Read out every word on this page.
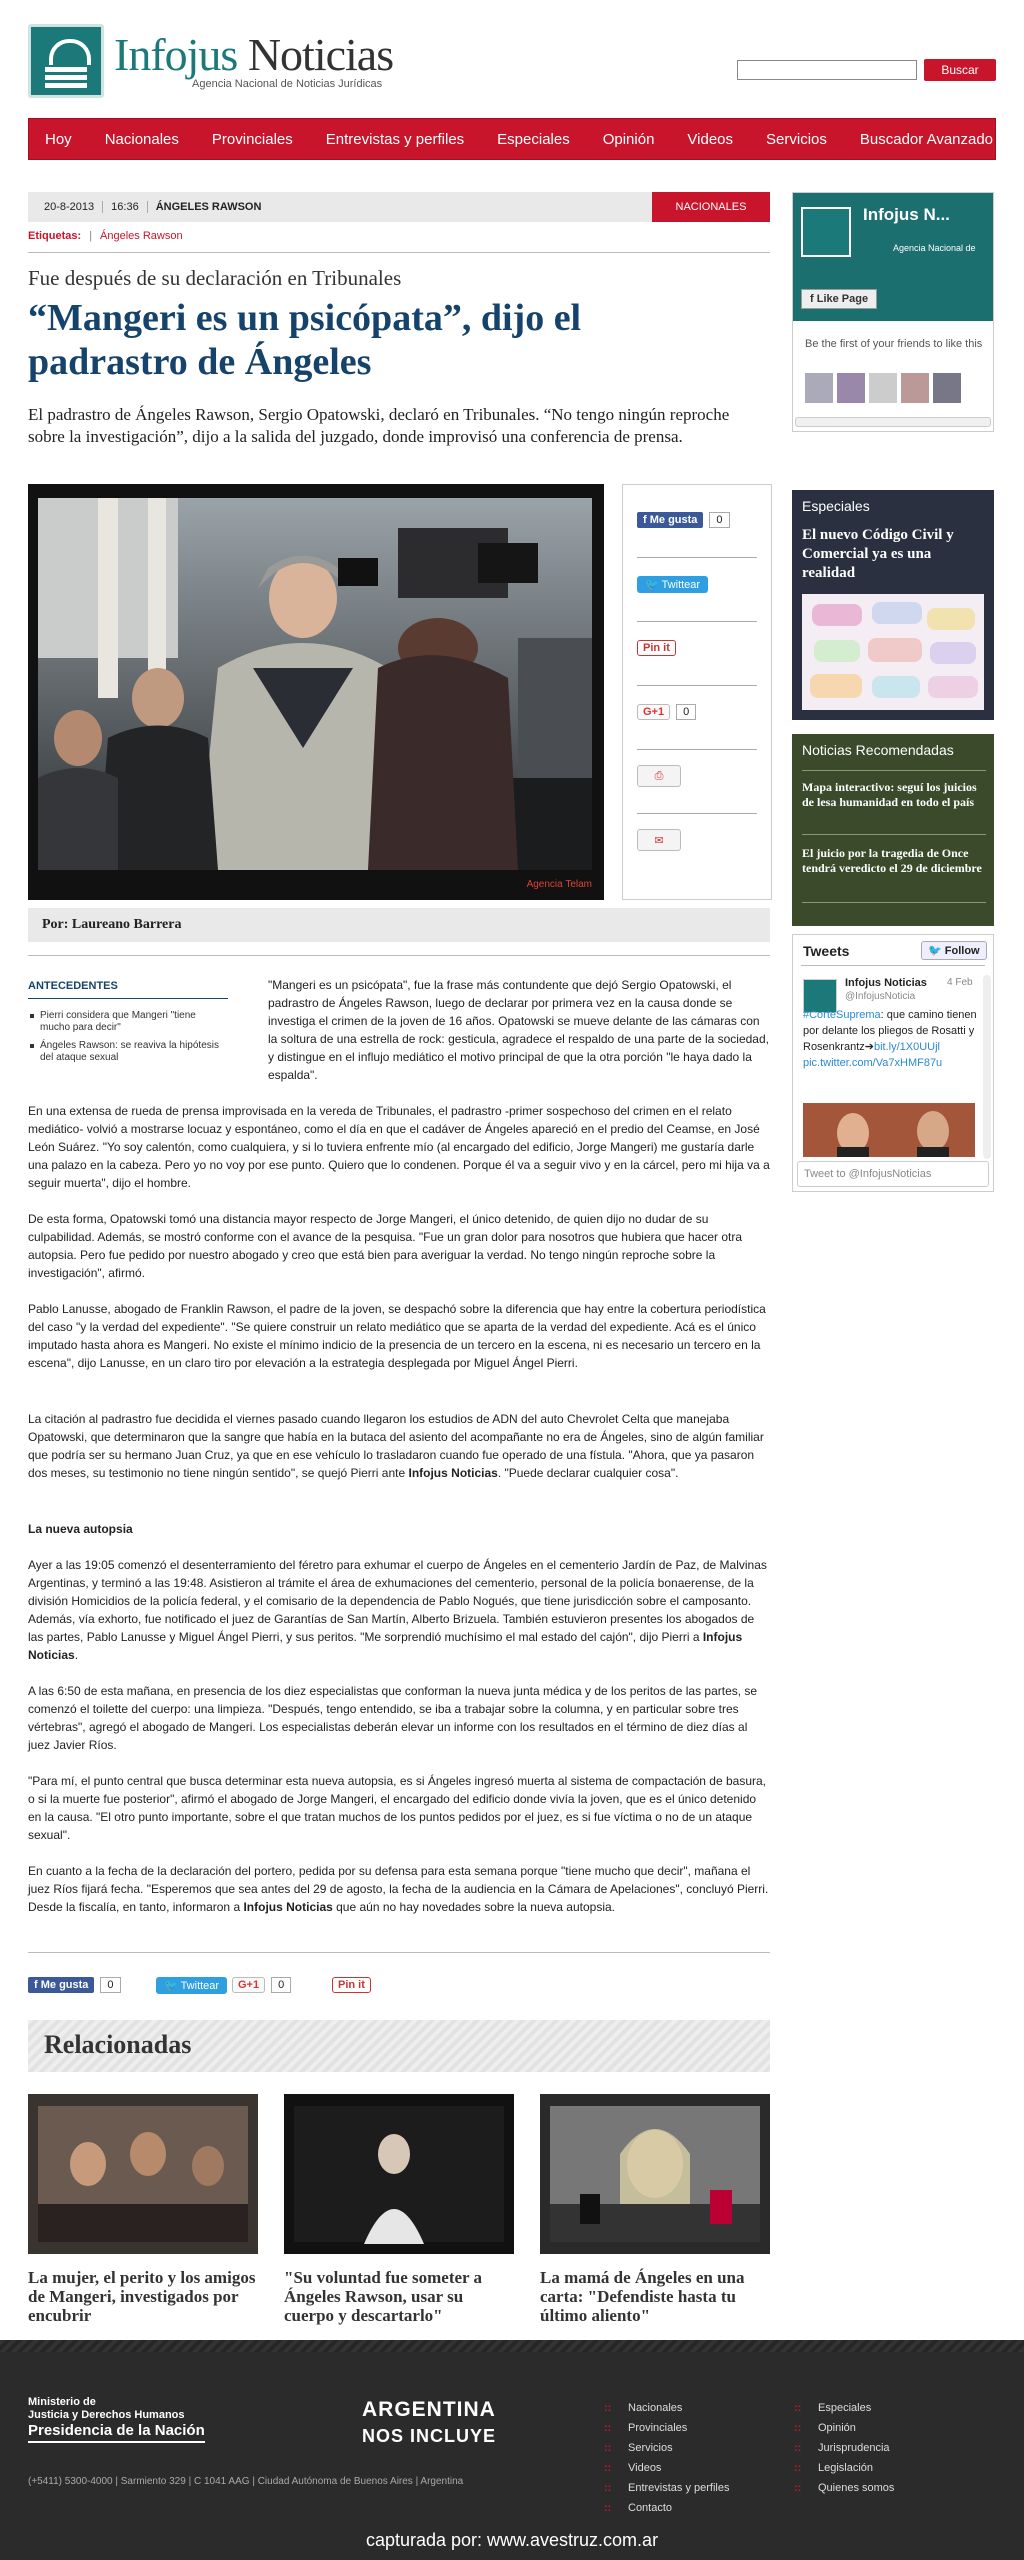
Infojus Noticias
Agencia Nacional de Noticias Jurídicas
Buscar
Hoy Nacionales Provinciales Entrevistas y perfiles Especiales Opinión Videos Servicios Buscador Avanzado
20-8-2013	16:36	ÁNGELES RAWSON	NACIONALES
Etiquetas: | Ángeles Rawson
Fue después de su declaración en Tribunales
“Mangeri es un psicópata”, dijo el padrastro de Ángeles

El padrastro de Ángeles Rawson, Sergio Opatowski, declaró en Tribunales. “No tengo ningún reproche sobre la investigación”, dijo a la salida del juzgado, donde improvisó una conferencia de prensa.

Agencia Telam
f Me gusta	0
🐦 Twittear
Pin it
G+1	0
⎙
✉
Por: Laureano Barrera
ANTECEDENTES
Pierri considera que Mangeri "tiene mucho para decir"
Ángeles Rawson: se reaviva la hipótesis del ataque sexual

"Mangeri es un psicópata", fue la frase más contundente que dejó Sergio Opatowski, el padrastro de Ángeles Rawson, luego de declarar por primera vez en la causa donde se investiga el crimen de la joven de 16 años. Opatowski se mueve delante de las cámaras con la soltura de una estrella de rock: gesticula, agradece el respaldo de una parte de la sociedad, y distingue en el influjo mediático el motivo principal de que la otra porción "le haya dado la espalda".

En una extensa de rueda de prensa improvisada en la vereda de Tribunales, el padrastro -primer sospechoso del crimen en el relato mediático- volvió a mostrarse locuaz y espontáneo, como el día en que el cadáver de Ángeles apareció en el predio del Ceamse, en José León Suárez. "Yo soy calentón, como cualquiera, y si lo tuviera enfrente mío (al encargado del edificio, Jorge Mangeri) me gustaría darle una palazo en la cabeza. Pero yo no voy por ese punto. Quiero que lo condenen. Porque él va a seguir vivo y en la cárcel, pero mi hija va a seguir muerta", dijo el hombre.

De esta forma, Opatowski tomó una distancia mayor respecto de Jorge Mangeri, el único detenido, de quien dijo no dudar de su culpabilidad. Además, se mostró conforme con el avance de la pesquisa. "Fue un gran dolor para nosotros que hubiera que hacer otra autopsia. Pero fue pedido por nuestro abogado y creo que está bien para averiguar la verdad. No tengo ningún reproche sobre la investigación", afirmó.

Pablo Lanusse, abogado de Franklin Rawson, el padre de la joven, se despachó sobre la diferencia que hay entre la cobertura periodística del caso "y la verdad del expediente". "Se quiere construir un relato mediático que se aparta de la verdad del expediente. Acá es el único imputado hasta ahora es Mangeri. No existe el mínimo indicio de la presencia de un tercero en la escena, ni es necesario un tercero en la escena", dijo Lanusse, en un claro tiro por elevación a la estrategia desplegada por Miguel Ángel Pierri.

La citación al padrastro fue decidida el viernes pasado cuando llegaron los estudios de ADN del auto Chevrolet Celta que manejaba Opatowski, que determinaron que la sangre que había en la butaca del asiento del acompañante no era de Ángeles, sino de algún familiar que podría ser su hermano Juan Cruz, ya que en ese vehículo lo trasladaron cuando fue operado de una fístula. "Ahora, que ya pasaron dos meses, su testimonio no tiene ningún sentido", se quejó Pierri ante Infojus Noticias. "Puede declarar cualquier cosa".

La nueva autopsia

Ayer a las 19:05 comenzó el desenterramiento del féretro para exhumar el cuerpo de Ángeles en el cementerio Jardín de Paz, de Malvinas Argentinas, y terminó a las 19:48. Asistieron al trámite el área de exhumaciones del cementerio, personal de la policía bonaerense, de la división Homicidios de la policía federal, y el comisario de la dependencia de Pablo Nogués, que tiene jurisdicción sobre el camposanto. Además, vía exhorto, fue notificado el juez de Garantías de San Martín, Alberto Brizuela. También estuvieron presentes los abogados de las partes, Pablo Lanusse y Miguel Ángel Pierri, y sus peritos. "Me sorprendió muchísimo el mal estado del cajón", dijo Pierri a Infojus Noticias.

A las 6:50 de esta mañana, en presencia de los diez especialistas que conforman la nueva junta médica y de los peritos de las partes, se comenzó el toilette del cuerpo: una limpieza. "Después, tengo entendido, se iba a trabajar sobre la columna, y en particular sobre tres vértebras", agregó el abogado de Mangeri. Los especialistas deberán elevar un informe con los resultados en el término de diez días al juez Javier Ríos.

"Para mí, el punto central que busca determinar esta nueva autopsia, es si Ángeles ingresó muerta al sistema de compactación de basura, o si la muerte fue posterior", afirmó el abogado de Jorge Mangeri, el encargado del edificio donde vivía la joven, que es el único detenido en la causa. "El otro punto importante, sobre el que tratan muchos de los puntos pedidos por el juez, es si fue víctima o no de un ataque sexual".

En cuanto a la fecha de la declaración del portero, pedida por su defensa para esta semana porque "tiene mucho que decir", mañana el juez Ríos fijará fecha. "Esperemos que sea antes del 29 de agosto, la fecha de la audiencia en la Cámara de Apelaciones", concluyó Pierri. Desde la fiscalía, en tanto, informaron a Infojus Noticias que aún no hay novedades sobre la nueva autopsia.

f Me gusta	0	🐦 Twittear	G+1	0	Pin it
Relacionadas
La mujer, el perito y los amigos de Mangeri, investigados por encubrir
"Su voluntad fue someter a Ángeles Rawson, usar su cuerpo y descartarlo"
La mamá de Ángeles en una carta: "Defendiste hasta tu último aliento"
Infojus N...
Agencia Nacional de
f Like Page
Be the first of your friends to like this
Especiales
El nuevo Código Civil y Comercial ya es una realidad
Noticias Recomendadas
Mapa interactivo: seguí los juicios de lesa humanidad en todo el país
El juicio por la tragedia de Once tendrá veredicto el 29 de diciembre
Tweets	🐦 Follow
Infojus Noticias
@InfojusNoticia
4 Feb
#CorteSuprema: que camino tienen por delante los pliegos de Rosatti y Rosenkrantz➔bit.ly/1X0UUjl pic.twitter.com/Va7xHMF87u
Tweet to @InfojusNoticias
Ministerio de
Justicia y Derechos Humanos
Presidencia de la Nación
ARGENTINA
NOS INCLUYE
(+5411) 5300-4000 | Sarmiento 329 | C 1041 AAG | Ciudad Autónoma de Buenos Aires | Argentina
:: Nacionales
:: Provinciales
:: Servicios
:: Videos
:: Entrevistas y perfiles
:: Contacto
:: Especiales
:: Opinión
:: Jurisprudencia
:: Legislación
:: Quienes somos
capturada por: www.avestruz.com.ar
